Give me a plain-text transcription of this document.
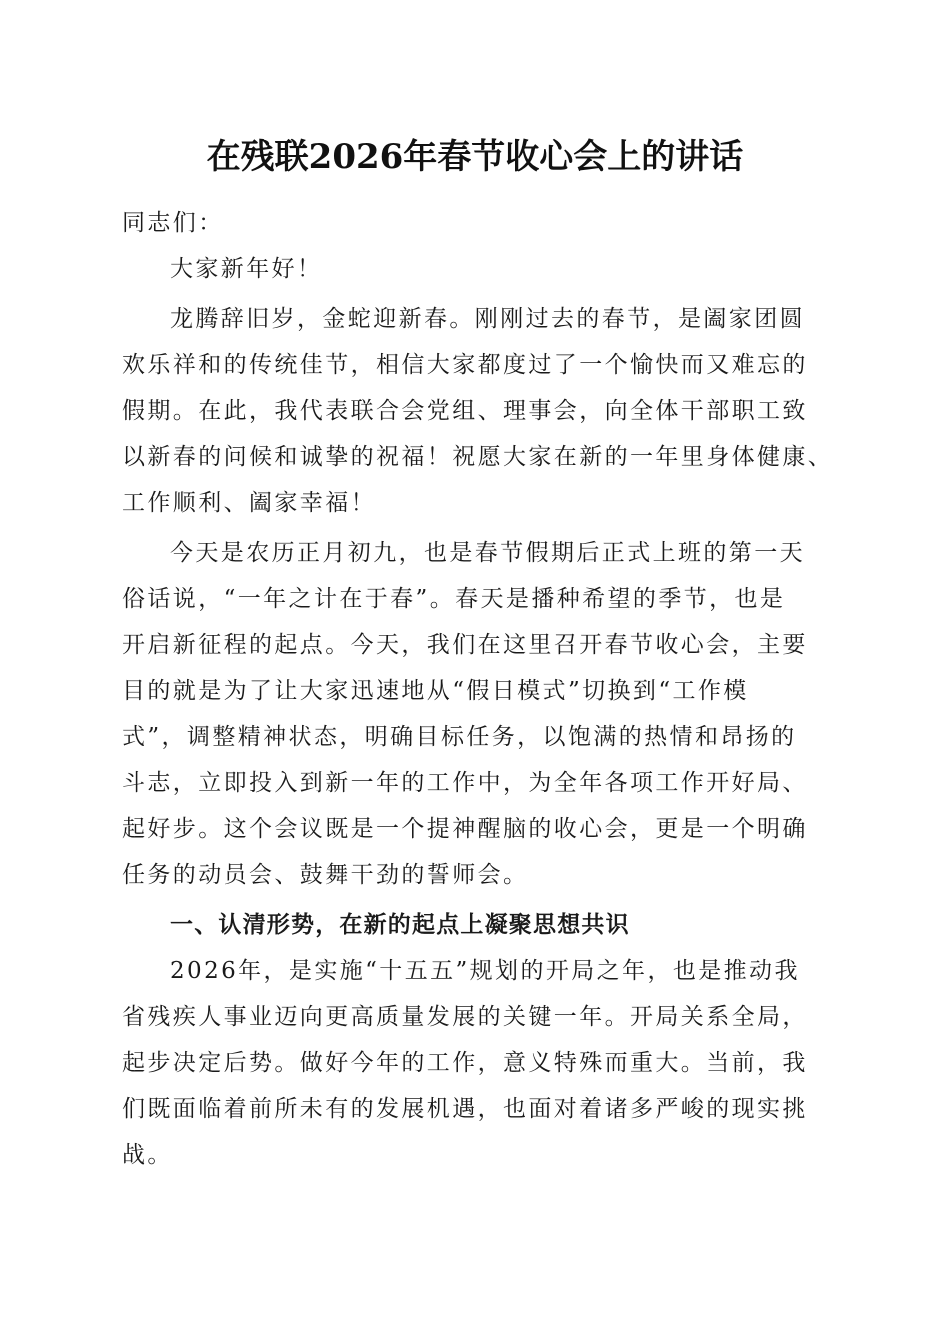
在残联2026年春节收心会上的讲话
同志们：
大家新年好！
龙腾辞旧岁，金蛇迎新春。刚刚过去的春节，是阖家团圆
欢乐祥和的传统佳节，相信大家都度过了一个愉快而又难忘的
假期。在此，我代表联合会党组、理事会，向全体干部职工致
以新春的问候和诚挚的祝福！祝愿大家在新的一年里身体健康、
工作顺利、阖家幸福！
今天是农历正月初九，也是春节假期后正式上班的第一天
俗话说，“一年之计在于春”。春天是播种希望的季节，也是
开启新征程的起点。今天，我们在这里召开春节收心会，主要
目的就是为了让大家迅速地从“假日模式”切换到“工作模
式”，调整精神状态，明确目标任务，以饱满的热情和昂扬的
斗志，立即投入到新一年的工作中，为全年各项工作开好局、
起好步。这个会议既是一个提神醒脑的收心会，更是一个明确
任务的动员会、鼓舞干劲的誓师会。
一、认清形势，在新的起点上凝聚思想共识
2026年，是实施“十五五”规划的开局之年，也是推动我
省残疾人事业迈向更高质量发展的关键一年。开局关系全局，
起步决定后势。做好今年的工作，意义特殊而重大。当前，我
们既面临着前所未有的发展机遇，也面对着诸多严峻的现实挑
战。
